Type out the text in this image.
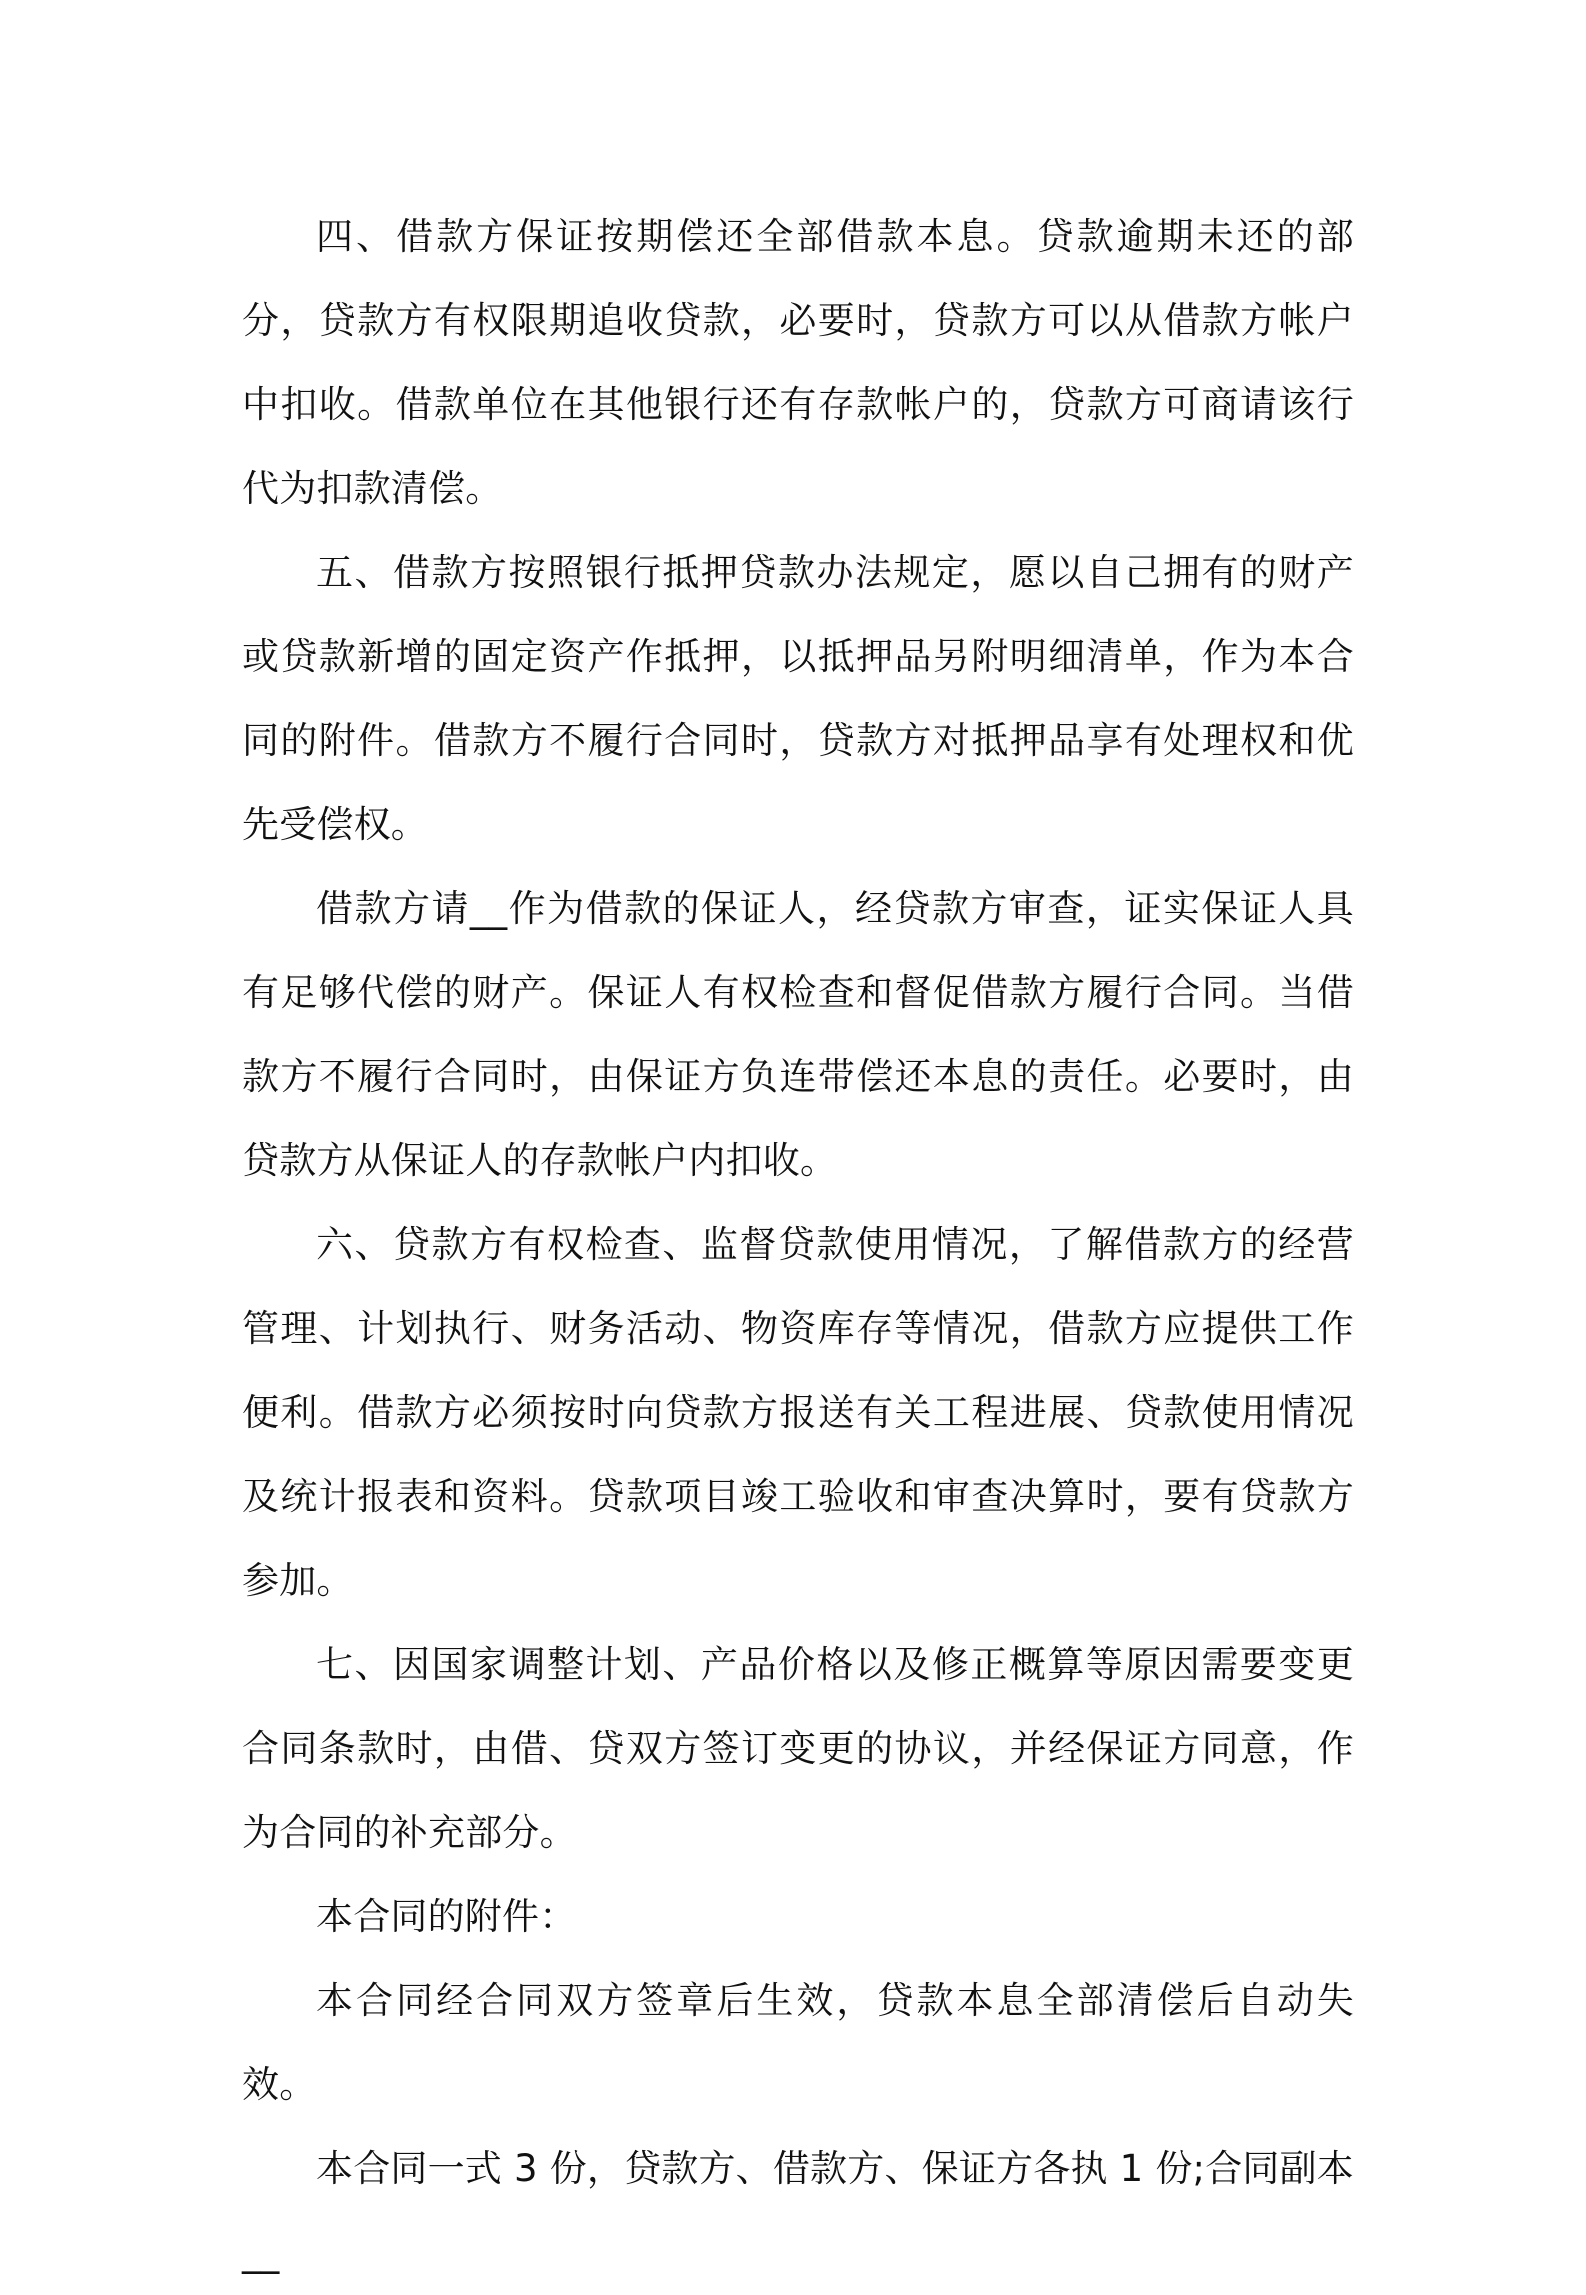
四、借款方保证按期偿还全部借款本息。贷款逾期未还的部分，贷款方有权限期追收贷款，必要时，贷款方可以从借款方帐户中扣收。借款单位在其他银行还有存款帐户的，贷款方可商请该行代为扣款清偿。

五、借款方按照银行抵押贷款办法规定，愿以自己拥有的财产或贷款新增的固定资产作抵押，以抵押品另附明细清单，作为本合同的附件。借款方不履行合同时，贷款方对抵押品享有处理权和优先受偿权。

借款方请__作为借款的保证人，经贷款方审查，证实保证人具有足够代偿的财产。保证人有权检查和督促借款方履行合同。当借款方不履行合同时，由保证方负连带偿还本息的责任。必要时，由贷款方从保证人的存款帐户内扣收。

六、贷款方有权检查、监督贷款使用情况，了解借款方的经营管理、计划执行、财务活动、物资库存等情况，借款方应提供工作便利。借款方必须按时向贷款方报送有关工程进展、贷款使用情况及统计报表和资料。贷款项目竣工验收和审查决算时，要有贷款方参加。

七、因国家调整计划、产品价格以及修正概算等原因需要变更合同条款时，由借、贷双方签订变更的协议，并经保证方同意，作为合同的补充部分。

本合同的附件：

本合同经合同双方签章后生效，贷款本息全部清偿后自动失效。

本合同一式 3 份，贷款方、借款方、保证方各执 1 份;合同副本__
